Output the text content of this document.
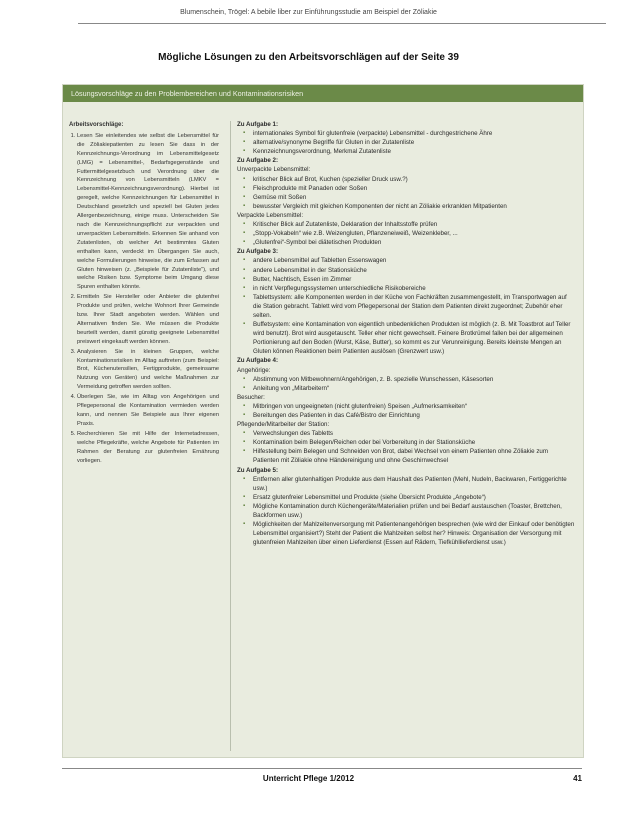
Blumenschein, Trögel: A bebile liber zur Einführungsstudie am Beispiel der Zöliakie
Mögliche Lösungen zu den Arbeitsvorschlägen auf der Seite 39
Lösungsvorschläge zu den Problembereichen und Kontaminationsrisiken
Arbeitsvorschläge:
1. Lesen Sie einleitendes wie selbst die Lebensmittel für die Zöliakiepatienten zu lesen Sie dass in der Kennzeichnungs-Verordnung im Lebensmittelgesetz (LMG) = Lebensmittel-, Bedarfsgegenstände und Futtermittelgesetzbuch und Verordnung über die Kennzeichnung von Lebensmitteln (LMKV = Lebensmittel-Kennzeichnungsverordnung). Hierbei ist geregelt, welche Kennzeichnungen für Lebensmittel in Deutschland gesetzlich und speziell bei Gluten jedes Allergenbezeichnung, einige muss. Unterscheiden Sie nach die Kennzeichnungspflicht zur verpackten und unverpackten Lebensmitteln. Erkennen Sie anhand von Zutatenlisten, ob welcher Art bestimmtes Gluten enthalten kann, verdeckt im Übergangen Sie auch, welche Formulierungen hinweise, die zum Erfassen auf Gluten hinweisen (z. „Beispiele für Zutatenliste“), und welche Risiken bzw. Symptome beim Umgang diese Spuren enthalten könnte.
2. Ermitteln Sie Hersteller oder Anbieter die glutenfrei Produkte und prüfen, welche Wohnort Ihrer Gemeinde bzw. Ihrer Stadt angeboten werden. Wählen und Alternativen finden Sie. Wie müssen die Produkte beurteilt werden, damit günstig geeignete Lebensmittel preiswert eingekauft werden können.
3. Analysieren Sie in kleinen Gruppen, welche Kontaminationsrisiken im Alltag auftreten (zum Beispiel: Brot, Küchenutensilien, Fertigprodukte, gemeinsame Nutzung von Geräten) und welche Maßnahmen zur Vermeidung getroffen werden sollten.
4. Überlegen Sie, wie im Alltag von Angehörigen und Pflegepersonal die Kontamination vermieden werden kann, und nennen Sie Beispiele aus Ihrer eigenen Praxis.
5. Recherchieren Sie mit Hilfe der Internetadressen, welche Pflegekräfte, welche Angebote für Patienten im Rahmen der Beratung zur glutenfreien Ernährung vorliegen.
Zu Aufgabe 1:
▪ internationales Symbol für glutenfreie (verpackte) Lebensmittel - durchgestrichene Ähre
▪ alternative/synonyme Begriffe für Gluten in der Zutatenliste
▪ Kennzeichnungsverordnung, Merkmal Zutatenliste
Zu Aufgabe 2:
Unverpackte Lebensmittel:
▪ kritischer Blick auf Brot, Kuchen (spezieller Druck usw.?)
▪ Fleischprodukte mit Panaden oder Soßen
▪ Gemüse mit Soßen
▪ bewusster Vergleich mit gleichen Komponenten der nicht an Zöliakie erkrankten Mitpatienten
Verpackte Lebensmittel:
▪ Kritischer Blick auf Zutatenliste, Deklaration der Inhaltsstoffe prüfen
▪ „Stopp-Vokabeln“ wie z.B. Weizengluten, Pflanzeneiweiß, Weizenkleber, ...
▪ „Glutenfrei“-Symbol bei diätetischen Produkten
Zu Aufgabe 3:
▪ andere Lebensmittel auf Tabletten Essenswagen
▪ andere Lebensmittel in der Stationsküche
▪ Butter, Nachtisch, Essen im Zimmer
▪ in nicht Verpflegungssystemen unterschiedliche Risikobereiche
▪ Tablettsystem: alle Komponenten werden in der Küche von Fachkräften zusammengestellt, im Transportwagen auf die Station gebracht. Tablett wird vom Pflegepersonal der Station dem Patienten direkt zugeordnet; Zubehör eher selten.
▪ Buffetsystem: eine Kontamination von eigentlich unbedenklichen Produkten ist möglich (z. B. Mit Toastbrot auf Teller wird benutzt). Brot wird ausgetauscht. Teller eher nicht gewechselt. Feinere Brotkrümel fallen bei der allgemeinen Portionierung auf den Boden (Wurst, Käse, Butter), so kommt es zur Verunreinigung. Bereits kleinste Mengen an Gluten können Reaktionen beim Patienten auslösen (Grenzwert usw.)
Zu Aufgabe 4:
Angehörige:
▪ Abstimmung von Mitbewohnern/Angehörigen, z. B. spezielle Wunschessen, Käsesorten
▪ Anleitung von „Mitarbeitern“
Besucher:
▪ Mitbringen von ungeeigneten (nicht glutenfreien) Speisen „Aufmerksamkeiten“
▪ Bereitungen des Patienten in das Café/Bistro der Einrichtung
Pflegende/Mitarbeiter der Station:
▪ Verwechslungen des Tabletts
▪ Kontamination beim Belegen/Reichen oder bei Vorbereitung in der Stationsküche
▪ Hilfestellung beim Belegen und Schneiden von Brot, dabei Wechsel von einem Patienten ohne Zöliakie zum Patienten mit Zöliakie ohne Händereinigung und ohne Geschirrwechsel
Zu Aufgabe 5:
▪ Entfernen aller glutenhaltigen Produkte aus dem Haushalt des Patienten (Mehl, Nudeln, Backwaren, Fertiggerichte usw.)
▪ Ersatz glutenfreier Lebensmittel und Produkte (siehe Übersicht Produkte „Angebote“)
▪ Mögliche Kontamination durch Küchengeräte/Materialien prüfen und bei Bedarf austauschen (Toaster, Brettchen, Backformen usw.)
▪ Möglichkeiten der Mahlzeitenversorgung mit Patientenangehörigen besprechen (wie wird der Einkauf oder benötigten Lebensmittel organisiert?) Steht der Patient die Mahlzeiten selbst her? Hinweis: Organisation der Versorgung mit glutenfreien Mahlzeiten über einen Lieferdienst (Essen auf Rädern, Tiefkühllieferdienst usw.)
Unterricht Pflege 1/2012	41
